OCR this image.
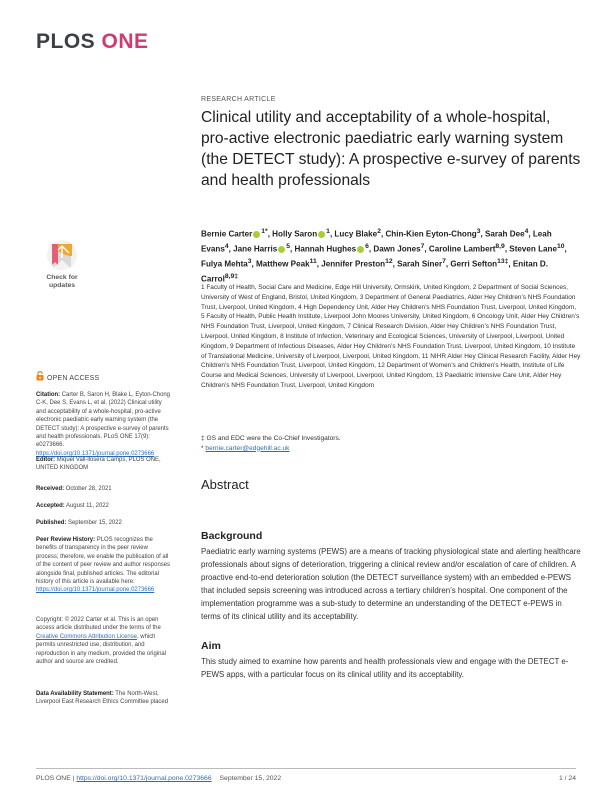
PLOS ONE
RESEARCH ARTICLE
Clinical utility and acceptability of a whole-hospital, pro-active electronic paediatric early warning system (the DETECT study): A prospective e-survey of parents and health professionals
Bernie Carter $^{1*}$, Holly Saron $^1$, Lucy Blake$^2$, Chin-Kien Eyton-Chong$^3$, Sarah Dee$^4$, Leah Evans$^4$, Jane Harris $^5$, Hannah Hughes $^6$, Dawn Jones$^7$, Caroline Lambert$^{8,9}$, Steven Lane$^{10}$, Fulya Mehta$^3$, Matthew Peak$^{11}$, Jennifer Preston$^{12}$, Sarah Siner$^7$, Gerri Sefton$^{13\ddagger}$, Enitan D. Carrol$^{8,9\ddagger}$
1 Faculty of Health, Social Care and Medicine, Edge Hill University, Ormskirk, United Kingdom, 2 Department of Social Sciences, University of West of England, Bristol, United Kingdom, 3 Department of General Paediatrics, Alder Hey Children’s NHS Foundation Trust, Liverpool, United Kingdom, 4 High Dependency Unit, Alder Hey Children’s NHS Foundation Trust, Liverpool, United Kingdom, 5 Faculty of Health, Public Health Institute, Liverpool John Moores University, United Kingdom, 6 Oncology Unit, Alder Hey Children’s NHS Foundation Trust, Liverpool, United Kingdom, 7 Clinical Research Division, Alder Hey Children’s NHS Foundation Trust, Liverpool, United Kingdom, 8 Institute of Infection, Veterinary and Ecological Sciences, University of Liverpool, Liverpool, United Kingdom, 9 Department of Infectious Diseases, Alder Hey Children’s NHS Foundation Trust, Liverpool, United Kingdom, 10 Institute of Translational Medicine, University of Liverpool, Liverpool, United Kingdom, 11 NIHR Alder Hey Clinical Research Facility, Alder Hey Children’s NHS Foundation Trust, Liverpool, United Kingdom, 12 Department of Women’s and Children’s Health, Institute of Life Course and Medical Sciences, University of Liverpool, Liverpool, United Kingdom, 13 Paediatric Intensive Care Unit, Alder Hey Children’s NHS Foundation Trust, Liverpool, United Kingdom
‡ GS and EDC were the Co-Chief Investigators.
* bernie.carter@edgehill.ac.uk
Abstract
Background
Paediatric early warning systems (PEWS) are a means of tracking physiological state and alerting healthcare professionals about signs of deterioration, triggering a clinical review and/or escalation of care of children. A proactive end-to-end deterioration solution (the DETECT surveillance system) with an embedded e-PEWS that included sepsis screening was introduced across a tertiary children’s hospital. One component of the implementation programme was a sub-study to determine an understanding of the DETECT e-PEWS in terms of its clinical utility and its acceptability.
Aim
This study aimed to examine how parents and health professionals view and engage with the DETECT e-PEWS apps, with a particular focus on its clinical utility and its acceptability.
Check for
updates
OPEN ACCESS
Citation: Carter B, Saron H, Blake L, Eyton-Chong C-K, Dee S, Evans L, et al. (2022) Clinical utility and acceptability of a whole-hospital, pro-active electronic paediatric early warning system (the DETECT study): A prospective e-survey of parents and health professionals. PLoS ONE 17(9): e0273666. https://doi.org/10.1371/journal.pone.0273666
Editor: Miquel Vall-llosera Camps, PLOS ONE, UNITED KINGDOM
Received: October 28, 2021
Accepted: August 11, 2022
Published: September 15, 2022
Peer Review History: PLOS recognizes the benefits of transparency in the peer review process; therefore, we enable the publication of all of the content of peer review and author responses alongside final, published articles. The editorial history of this article is available here: https://doi.org/10.1371/journal.pone.0273666
Copyright: © 2022 Carter et al. This is an open access article distributed under the terms of the Creative Commons Attribution License, which permits unrestricted use, distribution, and reproduction in any medium, provided the original author and source are credited.
Data Availability Statement: The North-West, Liverpool East Research Ethics Committee placed
PLOS ONE | https://doi.org/10.1371/journal.pone.0273666 September 15, 2022	1 / 24
